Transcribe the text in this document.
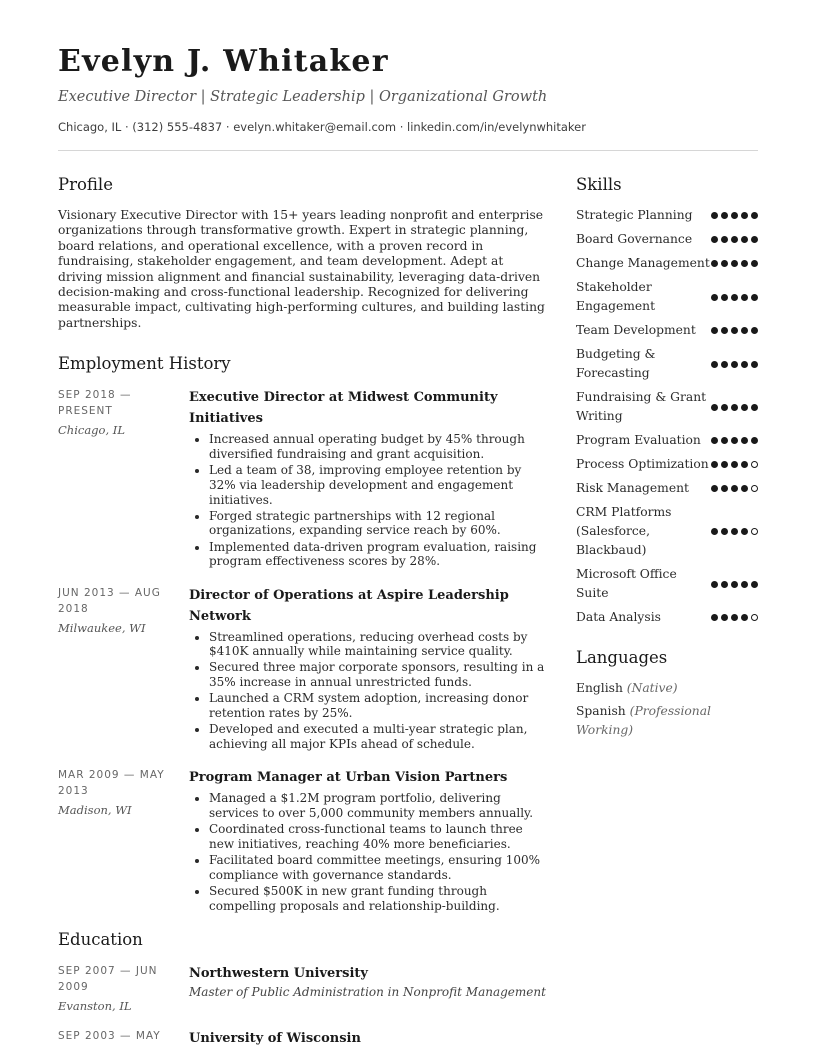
Evelyn J. Whitaker
Executive Director | Strategic Leadership | Organizational Growth
Chicago, IL · (312) 555-4837 · evelyn.whitaker@email.com · linkedin.com/in/evelynwhitaker
Profile

Visionary Executive Director with 15+ years leading nonprofit and enterprise organizations through transformative growth. Expert in strategic planning, board relations, and operational excellence, with a proven record in fundraising, stakeholder engagement, and team development. Adept at driving mission alignment and financial sustainability, leveraging data-driven decision-making and cross-functional leadership. Recognized for delivering measurable impact, cultivating high-performing cultures, and building lasting partnerships.

Employment History
SEP 2018 — PRESENT
Chicago, IL
Executive Director at Midwest Community Initiatives
• Increased annual operating budget by 45% through diversified fundraising and grant acquisition.
• Led a team of 38, improving employee retention by 32% via leadership development and engagement initiatives.
• Forged strategic partnerships with 12 regional organizations, expanding service reach by 60%.
• Implemented data-driven program evaluation, raising program effectiveness scores by 28%.
JUN 2013 — AUG 2018
Milwaukee, WI
Director of Operations at Aspire Leadership Network
• Streamlined operations, reducing overhead costs by $410K annually while maintaining service quality.
• Secured three major corporate sponsors, resulting in a 35% increase in annual unrestricted funds.
• Launched a CRM system adoption, increasing donor retention rates by 25%.
• Developed and executed a multi-year strategic plan, achieving all major KPIs ahead of schedule.
MAR 2009 — MAY 2013
Madison, WI
Program Manager at Urban Vision Partners
• Managed a $1.2M program portfolio, delivering services to over 5,000 community members annually.
• Coordinated cross-functional teams to launch three new initiatives, reaching 40% more beneficiaries.
• Facilitated board committee meetings, ensuring 100% compliance with governance standards.
• Secured $500K in new grant funding through compelling proposals and relationship-building.
Education
SEP 2007 — JUN 2009
Evanston, IL
Northwestern University
Master of Public Administration in Nonprofit Management
SEP 2003 — MAY	University of Wisconsin
Skills
Strategic Planning
Board Governance
Change Management
Stakeholder Engagement
Team Development
Budgeting & Forecasting
Fundraising & Grant Writing
Program Evaluation
Process Optimization
Risk Management
CRM Platforms (Salesforce, Blackbaud)
Microsoft Office Suite
Data Analysis
Languages
English (Native)
Spanish (Professional Working)
